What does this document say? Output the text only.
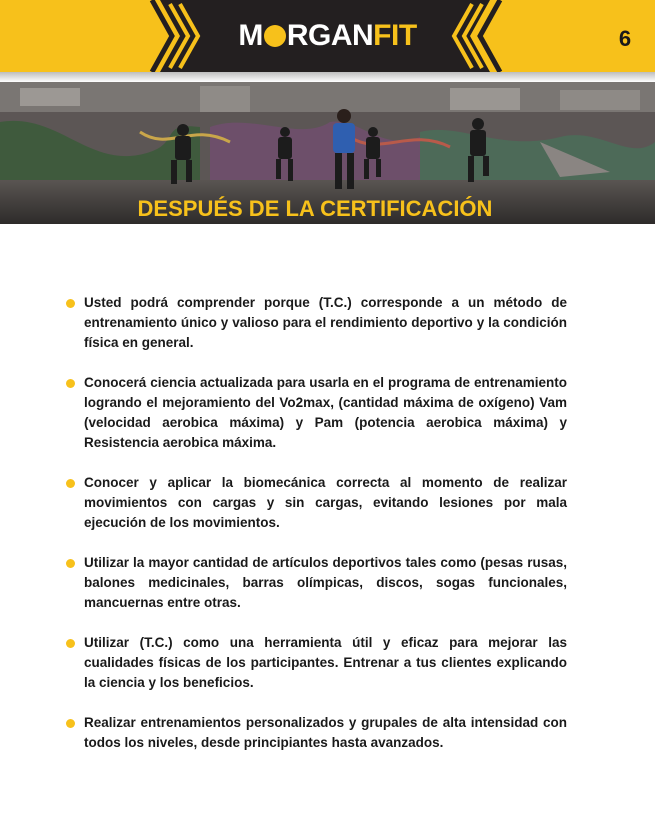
M RGANFIT	6
DESPUÉS DE LA CERTIFICACIÓN
Usted podrá comprender porque (T.C.) corresponde a un método de entrenamiento único y valioso para el rendimiento deportivo y la condición física en general.
Conocerá ciencia actualizada para usarla en el programa de entrenamiento logrando el mejoramiento del Vo2max, (cantidad máxima de oxígeno) Vam (velocidad aerobica máxima) y Pam (potencia aerobica máxima) y Resistencia aerobica máxima.
Conocer y aplicar la biomecánica correcta al momento de realizar movimientos con cargas y sin cargas, evitando lesiones por mala ejecución de los movimientos.
Utilizar la mayor cantidad de artículos deportivos tales como (pesas rusas, balones medicinales, barras olímpicas, discos, sogas funcionales, mancuernas entre otras.
Utilizar (T.C.) como una herramienta útil y eficaz para mejorar las cualidades físicas de los participantes. Entrenar a tus clientes explicando la ciencia y los beneficios.
Realizar entrenamientos personalizados y grupales de alta intensidad con todos los niveles, desde principiantes hasta avanzados.
